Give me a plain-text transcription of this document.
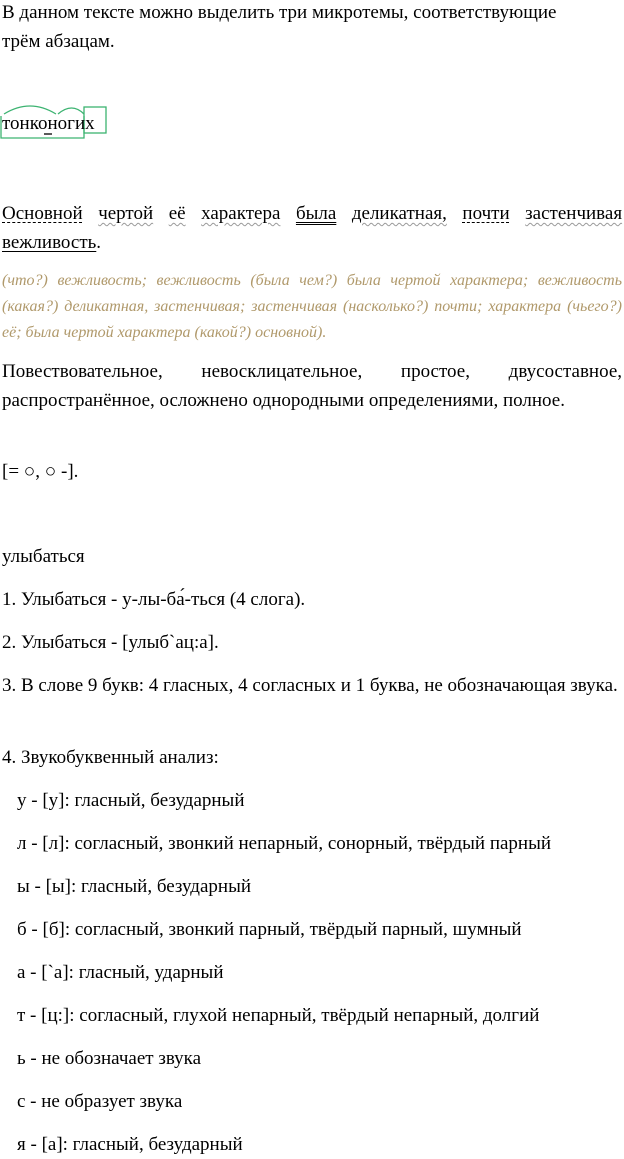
В данном тексте можно выделить три микротемы, соответствующие
трём абзацам.
тонконогих
Основной чертой её характера была деликатная, почти застенчивая вежливость.
(что?) вежливость; вежливость (была чем?) была чертой характера; вежливость (какая?) деликатная, застенчивая; застенчивая (насколько?) почти; характера (чьего?) её; была чертой характера (какой?) основной).
Повествовательное, невосклицательное, простое, двусоставное, распространённое, осложнено однородными определениями, полное.
[= ○, ○ -].
улыбаться
1. Улыбаться - у-лы-ба́-ться (4 слога).
2. Улыбаться - [улыб`ац:а].
3. В слове 9 букв: 4 гласных, 4 согласных и 1 буква, не обозначающая звука.
4. Звукобуквенный анализ:
у - [у]: гласный, безударный
л - [л]: согласный, звонкий непарный, сонорный, твёрдый парный
ы - [ы]: гласный, безударный
б - [б]: согласный, звонкий парный, твёрдый парный, шумный
а - [`а]: гласный, ударный
т - [ц:]: согласный, глухой непарный, твёрдый непарный, долгий
ь - не обозначает звука
с - не образует звука
я - [а]: гласный, безударный
